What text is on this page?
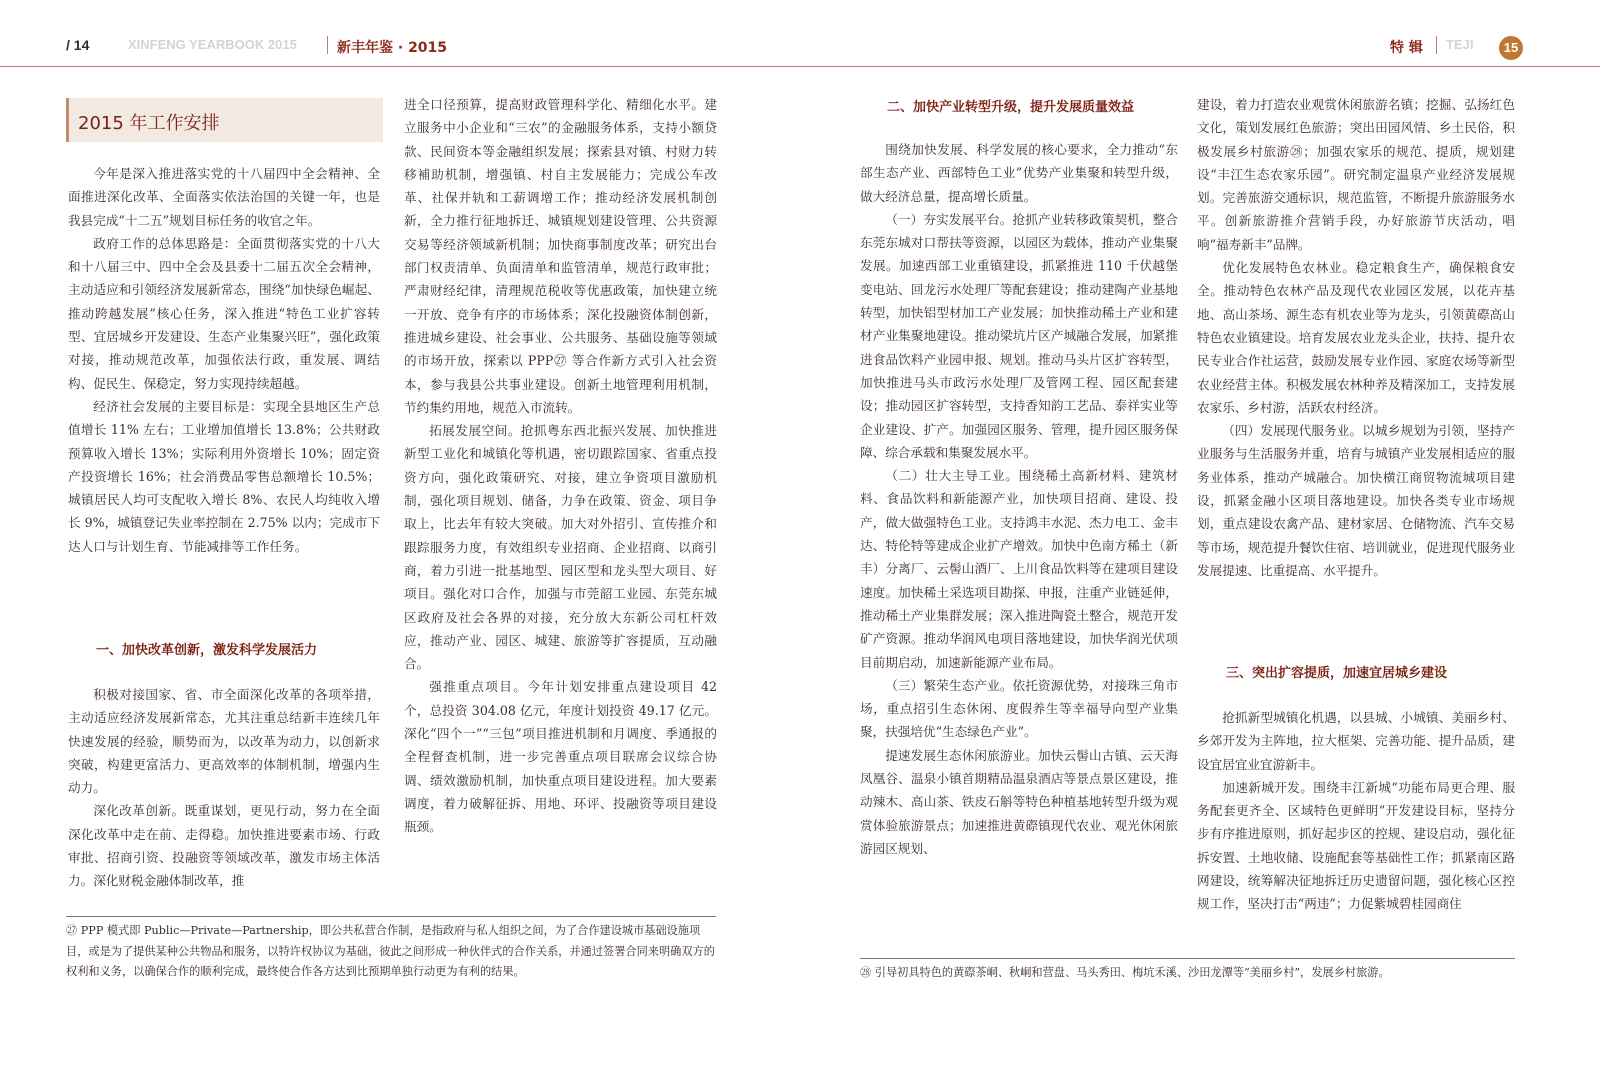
/ 14	XINFENG YEARBOOK 2015	新丰年鉴 · 2015	特 辑 TEJI	15
2015 年工作安排

今年是深入推进落实党的十八届四中全会精神、全面推进深化改革、全面落实依法治国的关键一年，也是我县完成“十二五”规划目标任务的收官之年。

政府工作的总体思路是：全面贯彻落实党的十八大和十八届三中、四中全会及县委十二届五次全会精神，主动适应和引领经济发展新常态，围绕“加快绿色崛起、推动跨越发展”核心任务，深入推进“特色工业扩容转型、宜居城乡开发建设、生态产业集聚兴旺”，强化政策对接，推动规范改革，加强依法行政，重发展、调结构、促民生、保稳定，努力实现持续超越。

经济社会发展的主要目标是：实现全县地区生产总值增长 11% 左右；工业增加值增长 13.8%；公共财政预算收入增长 13%；实际利用外资增长 10%；固定资产投资增长 16%；社会消费品零售总额增长 10.5%；城镇居民人均可支配收入增长 8%、农民人均纯收入增长 9%，城镇登记失业率控制在 2.75% 以内；完成市下达人口与计划生育、节能减排等工作任务。

一、加快改革创新，激发科学发展活力

积极对接国家、省、市全面深化改革的各项举措，主动适应经济发展新常态，尤其注重总结新丰连续几年快速发展的经验，顺势而为，以改革为动力，以创新求突破，构建更富活力、更高效率的体制机制，增强内生动力。

深化改革创新。既重谋划，更见行动，努力在全面深化改革中走在前、走得稳。加快推进要素市场、行政审批、招商引资、投融资等领域改革，激发市场主体活力。深化财税金融体制改革，推

进全口径预算，提高财政管理科学化、精细化水平。建立服务中小企业和“三农”的金融服务体系，支持小额贷款、民间资本等金融组织发展；探索县对镇、村财力转移補助机制，增强镇、村自主发展能力；完成公车改革、社保并轨和工薪调增工作；推动经济发展机制创新，全力推行征地拆迁、城镇规划建设管理、公共资源交易等经济领域新机制；加快商事制度改革；研究出台部门权责清单、负面清单和监管清单，规范行政审批；严肃财经纪律，清理规范税收等优惠政策，加快建立统一开放、竞争有序的市场体系；深化投融资体制创新，推进城乡建设、社会事业、公共服务、基础设施等领域的市场开放，探索以 PPP㉗ 等合作新方式引入社会资本，参与我县公共事业建设。创新土地管理利用机制，节约集约用地，规范入市流转。

拓展发展空间。抢抓粤东西北振兴发展、加快推进新型工业化和城镇化等机遇，密切跟踪国家、省重点投资方向，强化政策研究、对接，建立争资项目激励机制，强化项目规划、储备，力争在政策、资金、项目争取上，比去年有较大突破。加大对外招引、宣传推介和跟踪服务力度，有效组织专业招商、企业招商、以商引商，着力引进一批基地型、园区型和龙头型大项目、好项目。强化对口合作，加强与市莞韶工业园、东莞东城区政府及社会各界的对接，充分放大东新公司杠杆效应，推动产业、园区、城建、旅游等扩容提质，互动融合。

强推重点项目。今年计划安排重点建设项目 42 个，总投资 304.08 亿元，年度计划投资 49.17 亿元。深化“四个一”“三包”项目推进机制和月调度、季通报的全程督查机制，进一步完善重点项目联席会议综合协调、绩效激励机制，加快重点项目建设进程。加大要素调度，着力破解征拆、用地、环评、投融资等项目建设瓶颈。

二、加快产业转型升级，提升发展质量效益

围绕加快发展、科学发展的核心要求，全力推动“东部生态产业、西部特色工业”优势产业集聚和转型升级，做大经济总量，提高增长质量。

（一）夯实发展平台。抢抓产业转移政策契机，整合东莞东城对口帮扶等资源，以园区为载体，推动产业集聚发展。加速西部工业重镇建设，抓紧推进 110 千伏越堡变电站、回龙污水处理厂等配套建设；推动建陶产业基地转型，加快铝型材加工产业发展；加快推动稀土产业和建材产业集聚地建设。推动梁坑片区产城融合发展，加紧推进食品饮料产业园申报、规划。推动马头片区扩容转型，加快推进马头市政污水处理厂及管网工程、园区配套建设；推动园区扩容转型，支持香知韵工艺品、泰祥实业等企业建设、扩产。加强园区服务、管理，提升园区服务保障、综合承载和集聚发展水平。

（二）壮大主导工业。围绕稀土高新材料、建筑材料、食品饮料和新能源产业，加快项目招商、建设、投产，做大做强特色工业。支持鸿丰水泥、杰力电工、金丰达、特伦特等建成企业扩产增效。加快中色南方稀土（新丰）分离厂、云髻山酒厂、上川食品饮料等在建项目建设速度。加快稀土采选项目勘探、申报，注重产业链延伸，推动稀土产业集群发展；深入推进陶瓷土整合，规范开发矿产资源。推动华润风电项目落地建设，加快华润光伏项目前期启动，加速新能源产业布局。

（三）繁荣生态产业。依托资源优势，对接珠三角市场，重点招引生态休闲、度假养生等幸福导向型产业集聚，扶强培优“生态绿色产业”。

提速发展生态休闲旅游业。加快云髻山古镇、云天海凤凰谷、温泉小镇首期精品温泉酒店等景点景区建设，推动辣木、高山茶、铁皮石斛等特色种植基地转型升级为观赏体验旅游景点；加速推进黄磜镇现代农业、观光休闲旅游园区规划、

建设，着力打造农业观赏休闲旅游名镇；挖掘、弘扬红色文化，策划发展红色旅游；突出田园风情、乡土民俗，积极发展乡村旅游㉘；加强农家乐的规范、提质，规划建设“丰江生态农家乐园”。研究制定温泉产业经济发展规划。完善旅游交通标识，规范监管，不断提升旅游服务水平。创新旅游推介营销手段，办好旅游节庆活动，唱响“福寿新丰”品牌。

优化发展特色农林业。稳定粮食生产，确保粮食安全。推动特色农林产品及现代农业园区发展，以花卉基地、高山茶场、源生态有机农业等为龙头，引领黄磜高山特色农业镇建设。培育发展农业龙头企业，扶持、提升农民专业合作社运营，鼓励发展专业作园、家庭农场等新型农业经营主体。积极发展农林种养及精深加工，支持发展农家乐、乡村游，活跃农村经济。

（四）发展现代服务业。以城乡规划为引领，坚持产业服务与生活服务并重，培育与城镇产业发展相适应的服务业体系，推动产城融合。加快横江商贸物流城项目建设，抓紧金融小区项目落地建设。加快各类专业市场规划，重点建设农禽产品、建材家居、仓储物流、汽车交易等市场，规范提升餐饮住宿、培训就业，促进现代服务业发展提速、比重提高、水平提升。

三、突出扩容提质，加速宜居城乡建设

抢抓新型城镇化机遇，以县城、小城镇、美丽乡村、乡郊开发为主阵地，拉大框架、完善功能、提升品质，建设宜居宜业宜游新丰。

加速新城开发。围绕丰江新城“功能布局更合理、服务配套更齐全、区域特色更鲜明”开发建设目标，坚持分步有序推进原则，抓好起步区的控规、建设启动，强化征拆安置、土地收储、设施配套等基础性工作；抓紧南区路网建设，统筹解决征地拆迁历史遗留问题，强化核心区控规工作，坚决打击“两违”；力促紫城碧桂园商住

㉗ PPP 模式即 Public—Private—Partnership，即公共私营合作制，是指政府与私人组织之间，为了合作建设城市基础设施项目，或是为了提供某种公共物品和服务，以特许权协议为基础，彼此之间形成一种伙伴式的合作关系，并通过签署合同来明确双方的权利和义务，以确保合作的顺利完成，最终使合作各方达到比预期单独行动更为有利的结果。	㉘ 引导初具特色的黄磜茶峒、秋峒和营盘、马头秀田、梅坑禾溪、沙田龙潭等“美丽乡村”，发展乡村旅游。
